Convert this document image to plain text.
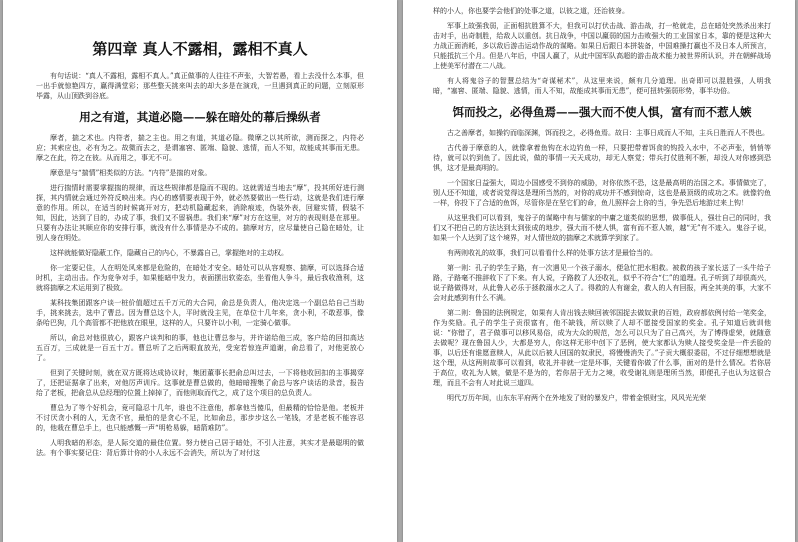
第四章 真人不露相，露相不真人

有句话说：“真人不露相，露相不真人。”真正做事的人往往不声张，大智若愚，看上去没什么本事，但一出手就惊艳四方，赢得满堂彩；那些整天挑来叫去的却大多是在演戏，一旦遇到真正的问题，立刻原形毕露，从山顶跌到谷底。

用之有道，其道必隐——躲在暗处的幕后操纵者

摩者，揣之术也。内符者，揣之主也。用之有道，其道必隐。微摩之以其所欲，测而探之，内符必应；其索应也，必有为之。故微而去之，是谓塞窖、匿端、隐貌、逃情，而人不知，故能成其事而无患。摩之在此，符之在彼。从而用之，事无不可。

摩意是与“揣情”相类似的方法。“内符”是揣的对象。

进行揣情时需要掌握揣的规律，而这些规律都是隐而不现的。这就需适当地去“摩”，投其所好进行测探，其内情就会通过外符反映出来。内心的感情要表现于外，就必然要做出一些行动，这就是我们进行摩意的作用。所以，在适当的时候离开对方，把动机隐藏起来，消除痕迹，伪装外表，回避实情，假装不知，因此，达到了目的，办成了事，我们又不留祸患。我们来“摩”对方在这里，对方的表现则是在那里。只要有办法让其顺应你的安排行事，就没有什么事情是办不成的。揣摩对方，应尽量使自己隐在暗处，让别人身在明处。

这样就能做好隐蔽工作，隐藏自己的内心，不暴露自己，掌握绝对的主动权。

你一定要记住，人在明处风来都是危险的，在暗处才安全。暗处可以从容观察、揣摩，可以选择合适时机，主动出击。作为竞争对手，如果能暗中发力，表面摆出软姿态，坐看他人争斗，最后我收渔利，这就将揣摩之术运用到了极致。

某科技集团跟客户谈一桩价值超过五千万元的大合同，俞总是负责人，他决定选一个副总给自己当助手，挑来挑去，选中了曹总。因为曹总这个人，平时就没主见，在单位十几年来，贪小利，不敢惹事，像条哈巴狗，几个高管都不把他放在眼里，这样的人，只要许以小利，一定骑心做事。

所以，俞总对他很放心，跟客户谈判和的事，他也让曹总参与，并许诺给他三成，客户给的回扣高达五百万，三成就是一百五十万。曹总听了之后两眼直放光，受宠若惊连声道谢，俞总看了，对他更放心了。

但到了关键时刻，就在双方既将达成协议时，集团董事长把俞总叫过去，一下将他收回扣的主事揭穿了，还把证据拿了出来，对他厉声训斥。这事就是曹总做的，他暗暗搜集了俞总与客户谈话的录音，报告给了老板，把俞总从总经理的位置上掉掉了，而他则取而代之，成了这个项目的总负责人。

曹总为了等个好机会，竟可隐忍十几年，谁也不注意他，都拿他当傻瓜，但最精的恰恰是他。老板并不讨厌贪小利的人，无贪不官，最怕的是贪心不足，比如俞总，那步步这么一笔钱，才是老板不能容忍的，他栽在曹总手上，也只能感慨一声“明枪易躲，暗箭难防”。

人明我暗的形态，是人际交道的最佳位置。努力使自己居于暗处，不引人注意，其实才是最聪明的做法。有个事实要记住：背后算计你的小人永远不会消失，所以为了对付这

样的小人，你也要学会他们的处事之道，以彼之道，还治彼身。

军事上故强我弱，正面相抗胜算不大，但我可以打伏击战、游击战，打一枪就走，总在暗处突然杀出来打击对手，出奇制胜，给敌人以重创。抗日战争，中国以羸弱的国力击败强大的工业国家日本，靠的便是这种大力战正面消耗，多以敌后游击运动作战的谋略。如果日后跟日本拼装备，中国难操打赢也不及日本人所预言，只能抵抗三个月。但是八年后，中国人赢了，从此中国军队高超的游击战术能力被世界所认识，并在朝鲜战场上使美军付潜在二八战。

有人将鬼谷子的智慧总结为“奇谋秘术”，从这里来说，颇有几分道理。出奇即可以混胜强，人明我暗，“塞窖、匿端、隐貌、逃情，而人不知，故能成其事而无患”，便可扭转强弱形势，事半功倍。

饵而投之，必得鱼焉——强大而不使人惧，富有而不惹人嫉

古之善摩者，如操钓而临深渊，饵而投之，必得鱼焉。故曰：主事日成而人不知，主兵日胜而人不畏也。

古代善于摩意的人，就像拿着鱼钩在水边钓鱼一样，只要把带着饵食的钩投入水中，不必声张，悄悄等待，就可以钓到鱼了。因此说，做的事情一天天成功，却无人察觉；带兵打仗胜利不断，却没人对你感到恐惧，这才是最高明的。

一个国家日益强大，周边小国感受不到你的威胁，对你依然不恐，这是最高明的治国之术。事情做完了，别人还不知道，或者说觉得这是理所当然的，对你的成功并不感到惊奇，这也是最顶级的成功之术。就像钓鱼一样，你投下了合适的鱼饵，尽管你是在坚它们的命，鱼儿照样会上你的当，争先恐后地游过来上钩！

从这里我们可以看到，鬼谷子的谋略中有与儒家的中庸之道类似的思想，做事低人，强壮自己的同时，我们又不把自己的方法达到太到张成的地步，强大而不使人惧，富有而不惹人嫉，越“无”有不迹入。鬼谷子说，如果一个人达到了这个境界，对人情世故的揣摩之术就算学到家了。

有两则收礼的故事，我们可以看看什么样的处事方法才是最恰当的。

第一则：孔子的学生子路，有一次遇见一个孩子溺水，便急忙把水相救。被救的孩子家长送了一头牛给子路，子路毫不推辞收下了下来。有人说，子路救了人还收礼，似乎不符合“仁”的道理。孔子听到了却很高兴，说子路做得对，从此鲁人必乐于拯救溺水之人了。得救的人有谢金，救人的人有回报，两全其美的事，大家不会对此感到有什么不满。

第二则：鲁国的法例规定，如果有人肯出钱去赎回被邻国捉去做奴隶的百姓，政府都依例付给一笔奖金，作为奖励。孔子的学生子贡很富有，他不缺钱，所以赎了人却不愿接受国家的奖金。孔子知道后就训他说：“你错了，君子做事可以移风易俗，成为大众的规范，怎么可以只为了自己高兴，为了博得虚荣，就随意去做呢？现在鲁国人少，大都是穷人，你这样无形中创下了恶例，使大家都认为赎人接受奖金是一件丢脸的事，以后还有谁愿意赎人，从此以后被人回国的奴隶民，将慢慢消失了。”子贡大概很委屈，不过仔细想想就是这个理，从这两则故事可以看到，收礼并非就一定是坏事，关键看你做了什么事，面对的是什么情况。若你居于高位，收礼为人嫉，做是不是为的，若你居于无力之境，收受谢礼则是理所当然，即便孔子也认为这很合理，而且不会有人对此说三道四。

明代万历年间，山东东平府两个在外地发了财的暴发户，带着金银财宝，风风光光荣
